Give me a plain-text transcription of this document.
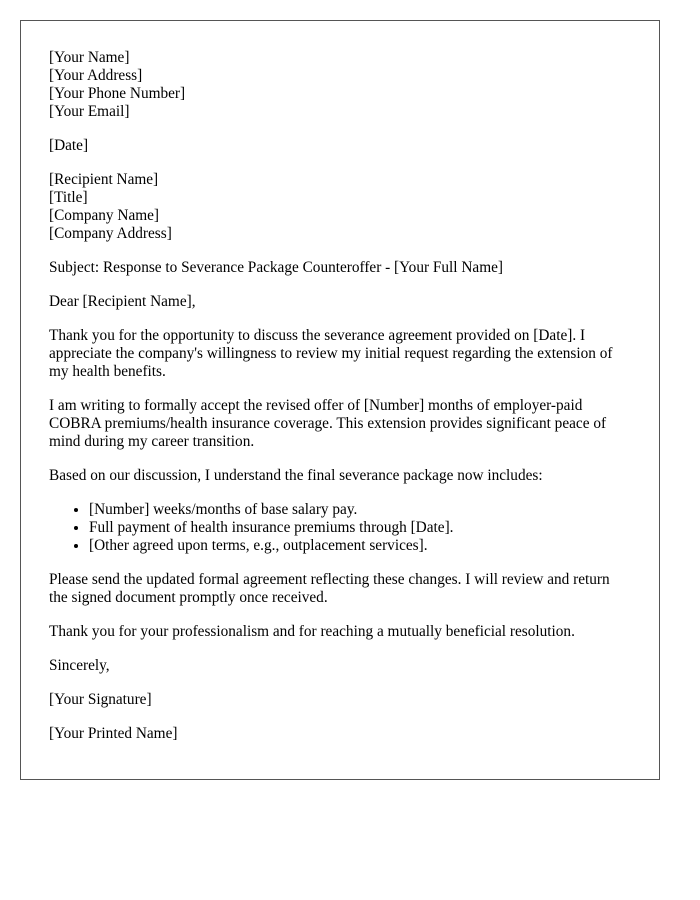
[Your Name]
[Your Address]
[Your Phone Number]
[Your Email]

[Date]

[Recipient Name]
[Title]
[Company Name]
[Company Address]

Subject: Response to Severance Package Counteroffer - [Your Full Name]

Dear [Recipient Name],

Thank you for the opportunity to discuss the severance agreement provided on [Date]. I appreciate the company's willingness to review my initial request regarding the extension of my health benefits.

I am writing to formally accept the revised offer of [Number] months of employer-paid COBRA premiums/health insurance coverage. This extension provides significant peace of mind during my career transition.

Based on our discussion, I understand the final severance package now includes:

• [Number] weeks/months of base salary pay.
• Full payment of health insurance premiums through [Date].
• [Other agreed upon terms, e.g., outplacement services].

Please send the updated formal agreement reflecting these changes. I will review and return the signed document promptly once received.

Thank you for your professionalism and for reaching a mutually beneficial resolution.

Sincerely,

[Your Signature]

[Your Printed Name]
